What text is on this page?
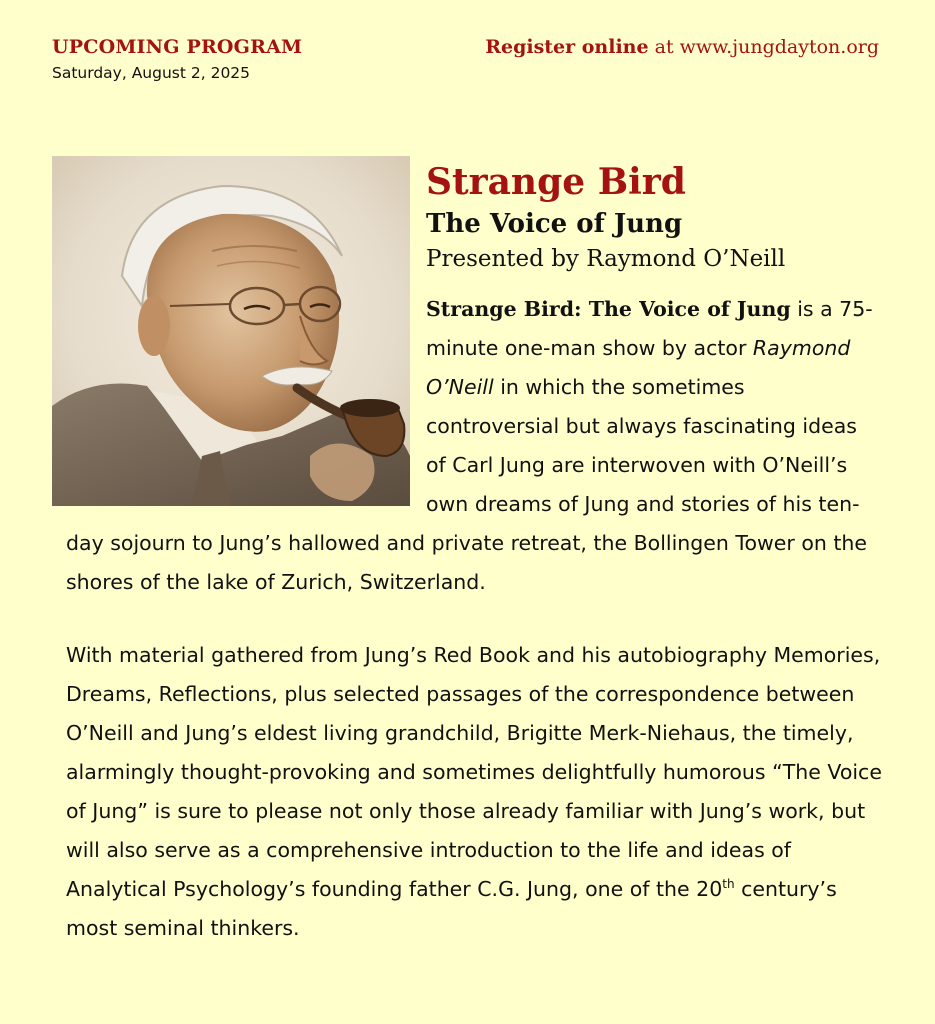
UPCOMING PROGRAM
Saturday, August 2, 2025
Register online at www.jungdayton.org
Strange Bird
The Voice of Jung
Presented by Raymond O’Neill

Strange Bird: The Voice of Jung is a 75-minute one-man show by actor Raymond O’Neill in which the sometimes controversial but always fascinating ideas of Carl Jung are interwoven with O’Neill’s own dreams of Jung and stories of his ten-day sojourn to Jung’s hallowed and private retreat, the Bollingen Tower on the shores of the lake of Zurich, Switzerland.

With material gathered from Jung’s Red Book and his autobiography Memories, Dreams, Reflections, plus selected passages of the correspondence between O’Neill and Jung’s eldest living grandchild, Brigitte Merk-Niehaus, the timely, alarmingly thought-provoking and sometimes delightfully humorous “The Voice of Jung” is sure to please not only those already familiar with Jung’s work, but will also serve as a comprehensive introduction to the life and ideas of Analytical Psychology’s founding father C.G. Jung, one of the 20th century’s most seminal thinkers.
